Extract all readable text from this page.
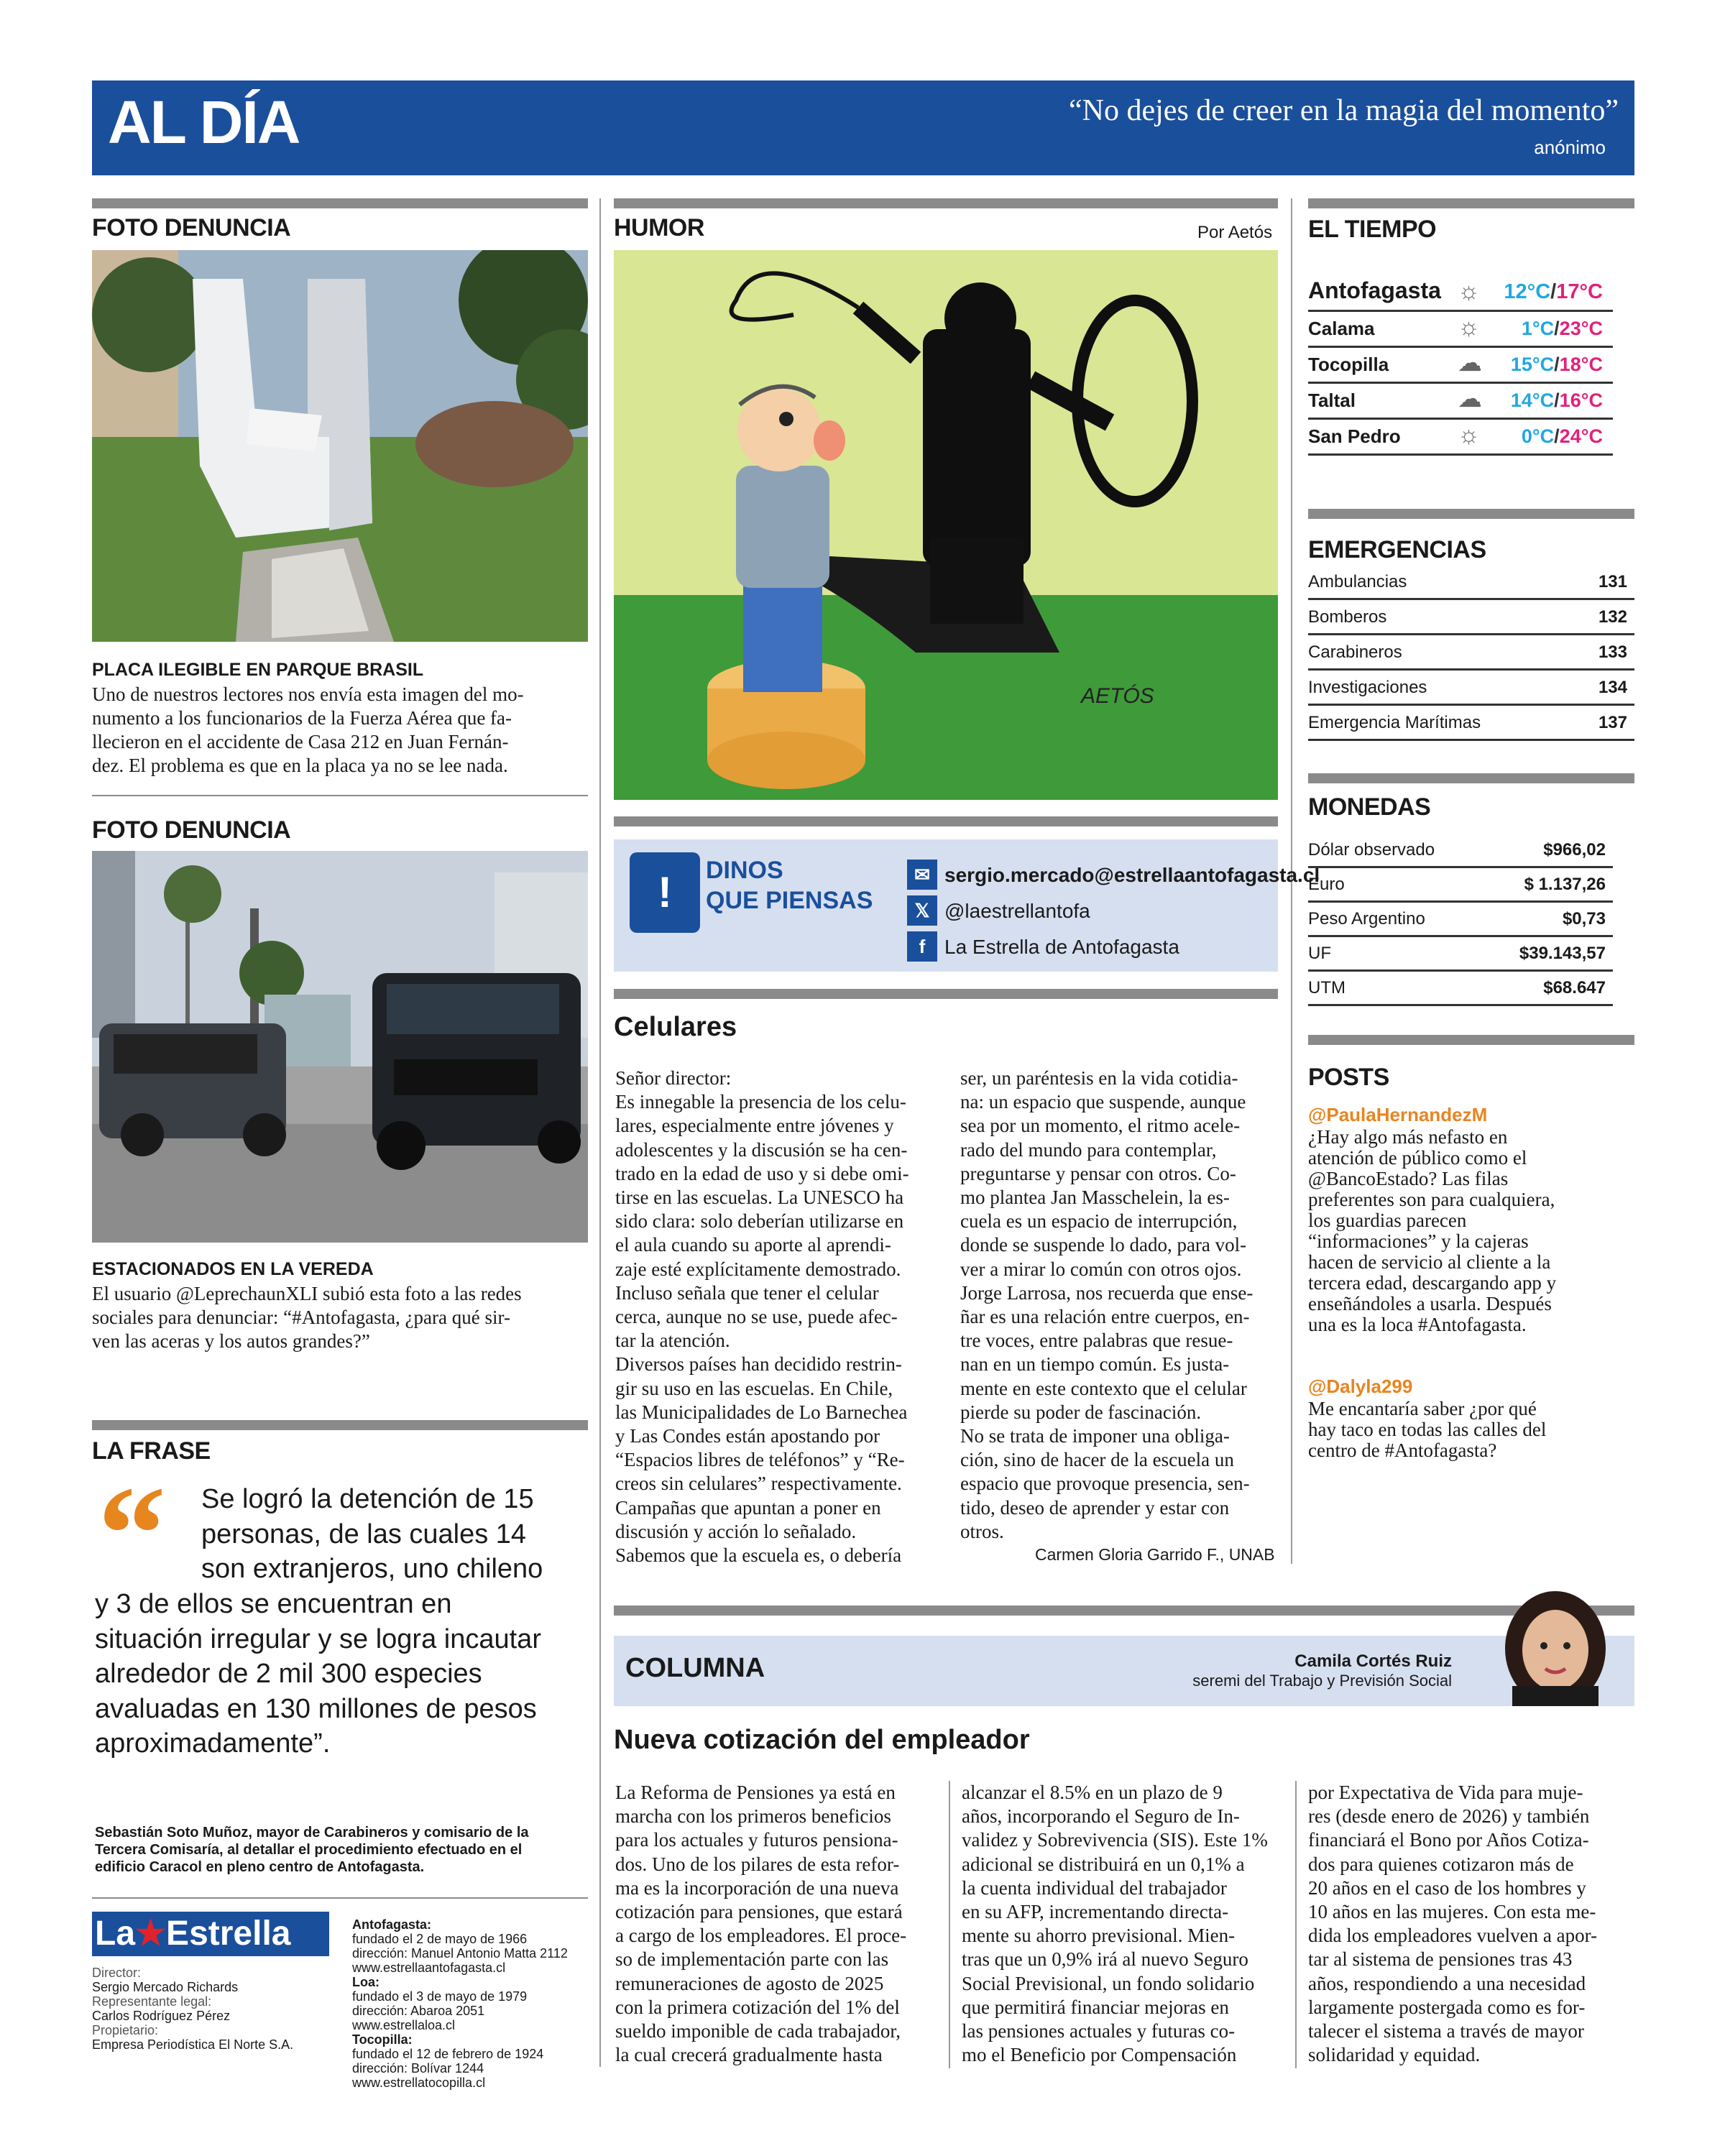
AL DÍA	“No dejes de creer en la magia del momento”
anónimo
FOTO DENUNCIA
PLACA ILEGIBLE EN PARQUE BRASIL
Uno de nuestros lectores nos envía esta imagen del mo-
numento a los funcionarios de la Fuerza Aérea que fa-
llecieron en el accidente de Casa 212 en Juan Fernán-
dez. El problema es que en la placa ya no se lee nada.
FOTO DENUNCIA
ESTACIONADOS EN LA VEREDA
El usuario @LeprechaunXLI subió esta foto a las redes
sociales para denunciar: “#Antofagasta, ¿para qué sir-
ven las aceras y los autos grandes?”
LA FRASE
“ Se logró la detención de 15
personas, de las cuales 14
son extranjeros, uno chileno
y 3 de ellos se encuentran en
situación irregular y se logra incautar
alrededor de 2 mil 300 especies
avaluadas en 130 millones de pesos
aproximadamente”.
Sebastián Soto Muñoz, mayor de Carabineros y comisario de la
Tercera Comisaría, al detallar el procedimiento efectuado en el
edificio Caracol en pleno centro de Antofagasta.
La★Estrella
Director:
Sergio Mercado Richards
Representante legal:
Carlos Rodríguez Pérez
Propietario:
Empresa Periodística El Norte S.A.
Antofagasta:
fundado el 2 de mayo de 1966
dirección: Manuel Antonio Matta 2112
www.estrellaantofagasta.cl
Loa:
fundado el 3 de mayo de 1979
dirección: Abaroa 2051
www.estrellaloa.cl
Tocopilla:
fundado el 12 de febrero de 1924
dirección: Bolívar 1244
www.estrellatocopilla.cl
HUMOR	Por Aetós
AETÓS
!	DINOS
QUE PIENSAS
✉ sergio.mercado@estrellaantofagasta.cl
𝕏 @laestrellantofa
f La Estrella de Antofagasta
Celulares
Señor director:
Es innegable la presencia de los celu-
lares, especialmente entre jóvenes y
adolescentes y la discusión se ha cen-
trado en la edad de uso y si debe omi-
tirse en las escuelas. La UNESCO ha
sido clara: solo deberían utilizarse en
el aula cuando su aporte al aprendi-
zaje esté explícitamente demostrado.
Incluso señala que tener el celular
cerca, aunque no se use, puede afec-
tar la atención.
Diversos países han decidido restrin-
gir su uso en las escuelas. En Chile,
las Municipalidades de Lo Barnechea
y Las Condes están apostando por
“Espacios libres de teléfonos” y “Re-
creos sin celulares” respectivamente.
Campañas que apuntan a poner en
discusión y acción lo señalado.
Sabemos que la escuela es, o debería
ser, un paréntesis en la vida cotidia-
na: un espacio que suspende, aunque
sea por un momento, el ritmo acele-
rado del mundo para contemplar,
preguntarse y pensar con otros. Co-
mo plantea Jan Masschelein, la es-
cuela es un espacio de interrupción,
donde se suspende lo dado, para vol-
ver a mirar lo común con otros ojos.
Jorge Larrosa, nos recuerda que ense-
ñar es una relación entre cuerpos, en-
tre voces, entre palabras que resue-
nan en un tiempo común. Es justa-
mente en este contexto que el celular
pierde su poder de fascinación.
No se trata de imponer una obliga-
ción, sino de hacer de la escuela un
espacio que provoque presencia, sen-
tido, deseo de aprender y estar con
otros.
Carmen Gloria Garrido F., UNAB
COLUMNA	Camila Cortés Ruiz
seremi del Trabajo y Previsión Social
Nueva cotización del empleador
La Reforma de Pensiones ya está en
marcha con los primeros beneficios
para los actuales y futuros pensiona-
dos. Uno de los pilares de esta refor-
ma es la incorporación de una nueva
cotización para pensiones, que estará
a cargo de los empleadores. El proce-
so de implementación parte con las
remuneraciones de agosto de 2025
con la primera cotización del 1% del
sueldo imponible de cada trabajador,
la cual crecerá gradualmente hasta
alcanzar el 8.5% en un plazo de 9
años, incorporando el Seguro de In-
validez y Sobrevivencia (SIS). Este 1%
adicional se distribuirá en un 0,1% a
la cuenta individual del trabajador
en su AFP, incrementando directa-
mente su ahorro previsional. Mien-
tras que un 0,9% irá al nuevo Seguro
Social Previsional, un fondo solidario
que permitirá financiar mejoras en
las pensiones actuales y futuras co-
mo el Beneficio por Compensación
por Expectativa de Vida para muje-
res (desde enero de 2026) y también
financiará el Bono por Años Cotiza-
dos para quienes cotizaron más de
20 años en el caso de los hombres y
10 años en las mujeres. Con esta me-
dida los empleadores vuelven a apor-
tar al sistema de pensiones tras 43
años, respondiendo a una necesidad
largamente postergada como es for-
talecer el sistema a través de mayor
solidaridad y equidad.
EL TIEMPO
Antofagasta ☼ 12°C/17°C
Calama	☼ 1°C/23°C
Tocopilla	☁ 15°C/18°C
Taltal	☁ 14°C/16°C
San Pedro ☼ 0°C/24°C
EMERGENCIAS
Ambulancias	131
Bomberos	132
Carabineros	133
Investigaciones	134
Emergencia Marítimas	137
MONEDAS
Dólar observado	$966,02
Euro	$ 1.137,26
Peso Argentino	$0,73
UF	$39.143,57
UTM	$68.647
POSTS
@PaulaHernandezM
¿Hay algo más nefasto en
atención de público como el
@BancoEstado? Las filas
preferentes son para cualquiera,
los guardias parecen
“informaciones” y la cajeras
hacen de servicio al cliente a la
tercera edad, descargando app y
enseñándoles a usarla. Después
una es la loca #Antofagasta.
@Dalyla299
Me encantaría saber ¿por qué
hay taco en todas las calles del
centro de #Antofagasta?
